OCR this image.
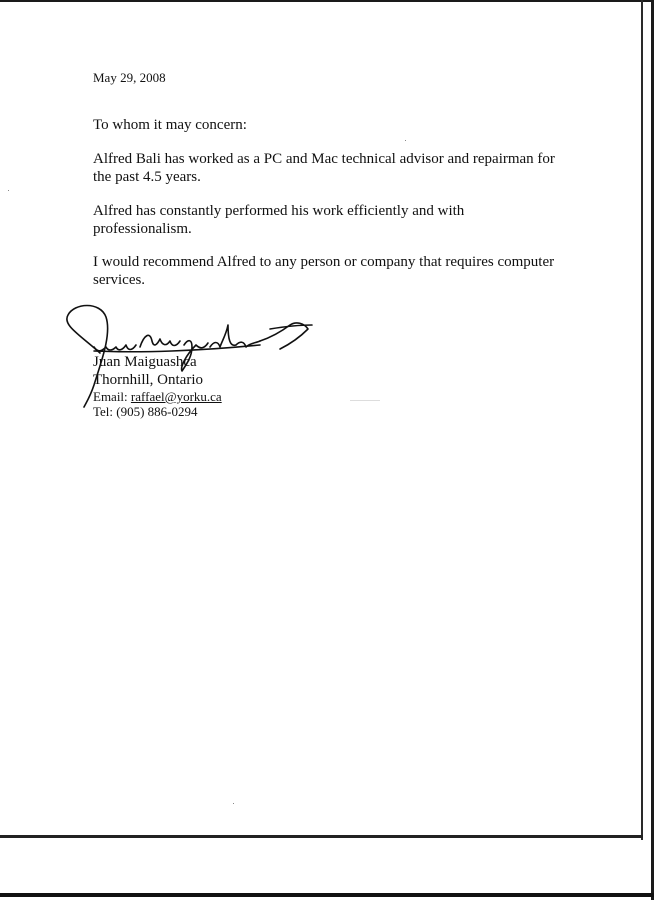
May 29, 2008

To whom it may concern:

Alfred Bali has worked as a PC and Mac technical advisor and repairman for the past 4.5 years.

Alfred has constantly performed his work efficiently and with professionalism.

I would recommend Alfred to any person or company that requires computer services.

Juan Maiguashca

Thornhill, Ontario

Email: raffael@yorku.ca

Tel: (905) 886-0294
